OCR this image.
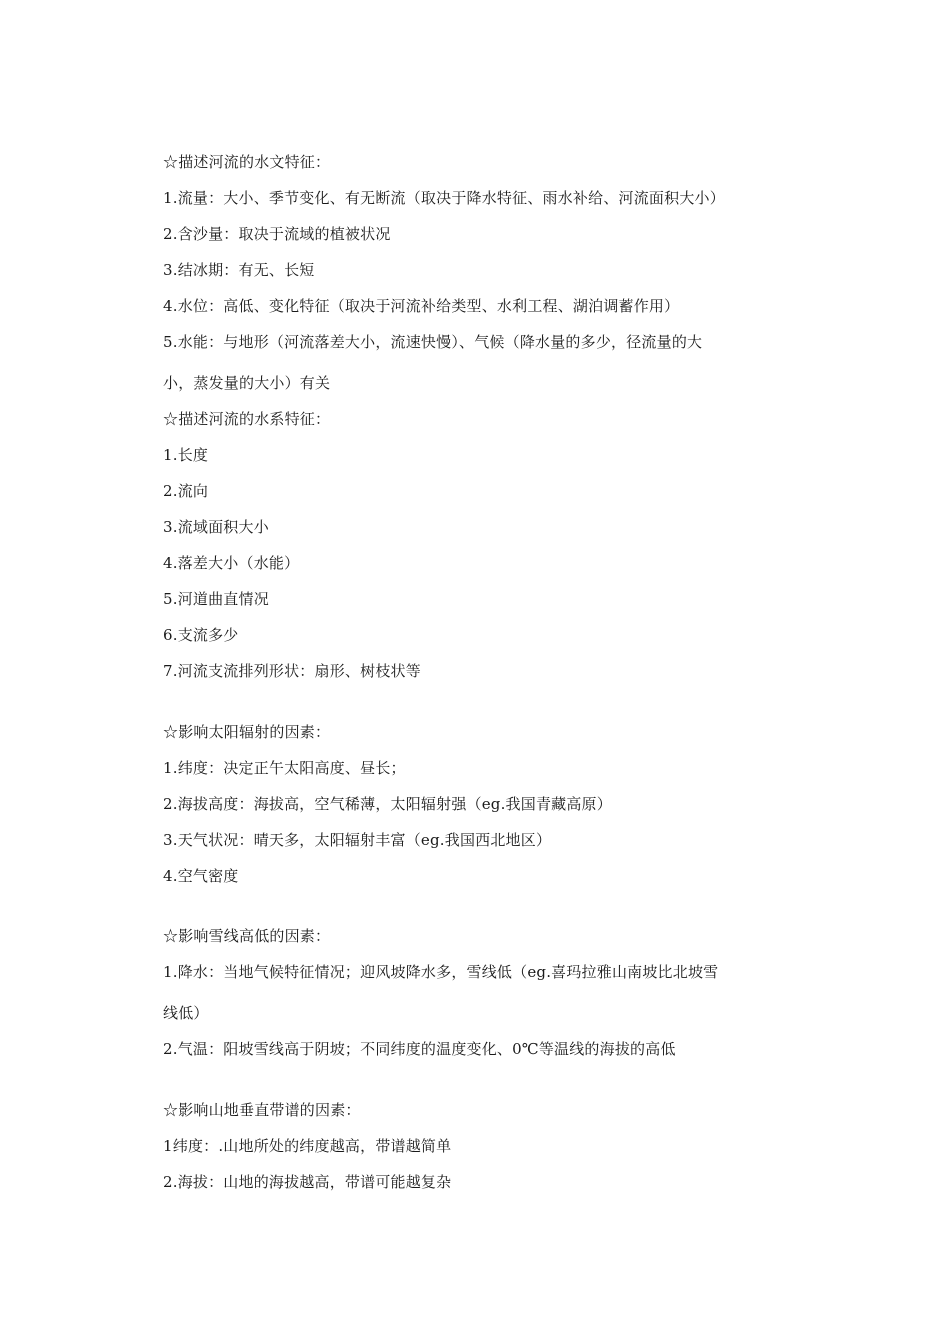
☆描述河流的水文特征：
1.流量：大小、季节变化、有无断流（取决于降水特征、雨水补给、河流面积大小）
2.含沙量：取决于流域的植被状况
3.结冰期：有无、长短
4.水位：高低、变化特征（取决于河流补给类型、水利工程、湖泊调蓄作用）
5.水能：与地形（河流落差大小，流速快慢）、气候（降水量的多少，径流量的大
小，蒸发量的大小）有关
☆描述河流的水系特征：
1.长度
2.流向
3.流域面积大小
4.落差大小（水能）
5.河道曲直情况
6.支流多少
7.河流支流排列形状：扇形、树枝状等
☆影响太阳辐射的因素：
1.纬度：决定正午太阳高度、昼长；
2.海拔高度：海拔高，空气稀薄，太阳辐射强（eg.我国青藏高原）
3.天气状况：晴天多，太阳辐射丰富（eg.我国西北地区）
4.空气密度
☆影响雪线高低的因素：
1.降水：当地气候特征情况；迎风坡降水多，雪线低（eg.喜玛拉雅山南坡比北坡雪
线低）
2.气温：阳坡雪线高于阴坡；不同纬度的温度变化、0℃等温线的海拔的高低
☆影响山地垂直带谱的因素：
1纬度：.山地所处的纬度越高，带谱越简单
2.海拔：山地的海拔越高，带谱可能越复杂
